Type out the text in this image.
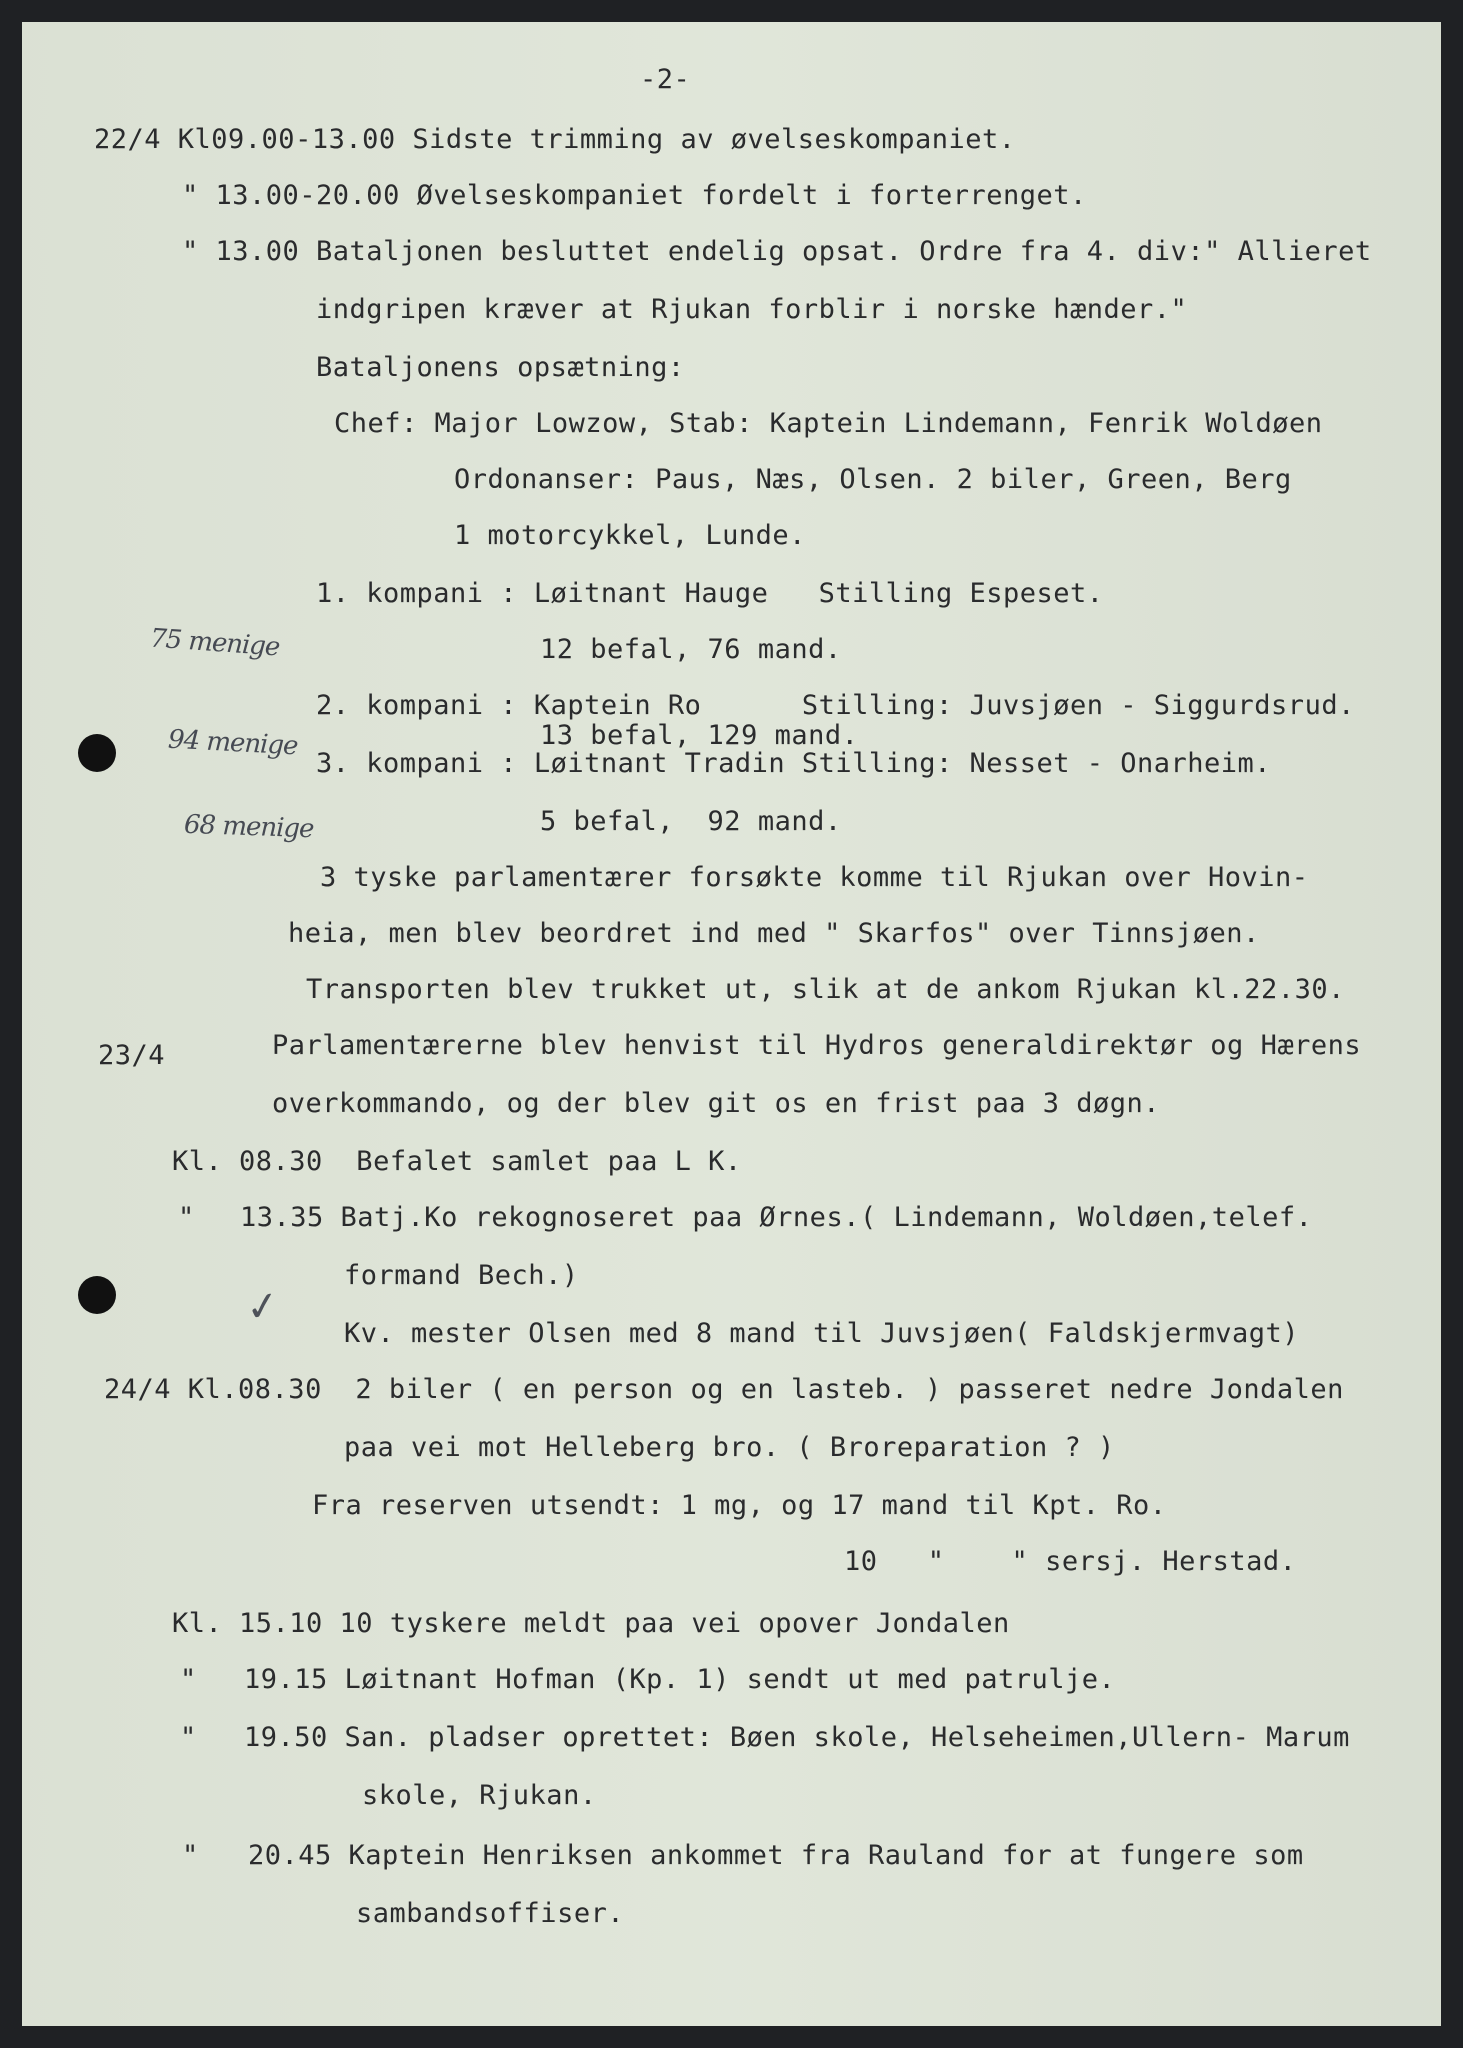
-2-
22/4 Kl09.00-13.00 Sidste trimming av øvelseskompaniet.
" 13.00-20.00 Øvelseskompaniet fordelt i forterrenget.
" 13.00 Bataljonen besluttet endelig opsat. Ordre fra 4. div:" Allieret
indgripen kræver at Rjukan forblir i norske hænder."
Bataljonens opsætning:
Chef: Major Lowzow, Stab: Kaptein Lindemann, Fenrik Woldøen
Ordonanser: Paus, Næs, Olsen. 2 biler, Green, Berg
1 motorcykkel, Lunde.
1. kompani : Løitnant Hauge   Stilling Espeset.
12 befal, 76 mand.
2. kompani : Kaptein Ro      Stilling: Juvsjøen - Siggurdsrud.
13 befal, 129 mand.
3. kompani : Løitnant Tradin Stilling: Nesset - Onarheim.
5 befal,  92 mand.
3 tyske parlamentærer forsøkte komme til Rjukan over Hovin-
heia, men blev beordret ind med " Skarfos" over Tinnsjøen.
Transporten blev trukket ut, slik at de ankom Rjukan kl.22.30.
23/4	Parlamentærerne blev henvist til Hydros generaldirektør og Hærens
overkommando, og der blev git os en frist paa 3 døgn.
Kl. 08.30  Befalet samlet paa L K.
" 13.35 Batj.Ko rekognoseret paa Ørnes.( Lindemann, Woldøen,telef.
formand Bech.)
Kv. mester Olsen med 8 mand til Juvsjøen( Faldskjermvagt)
24/4 Kl.08.30  2 biler ( en person og en lasteb. ) passeret nedre Jondalen
paa vei mot Helleberg bro. ( Broreparation ? )
Fra reserven utsendt: 1 mg, og 17 mand til Kpt. Ro.
10   "    " sersj. Herstad.
Kl. 15.10 10 tyskere meldt paa vei opover Jondalen
" 19.15 Løitnant Hofman (Kp. 1) sendt ut med patrulje.
" 19.50 San. pladser oprettet: Bøen skole, Helseheimen,Ullern- Marum
skole, Rjukan.
" 20.45 Kaptein Henriksen ankommet fra Rauland for at fungere som
sambandsoffiser.
75 menige
94 menige
68 menige
✓
